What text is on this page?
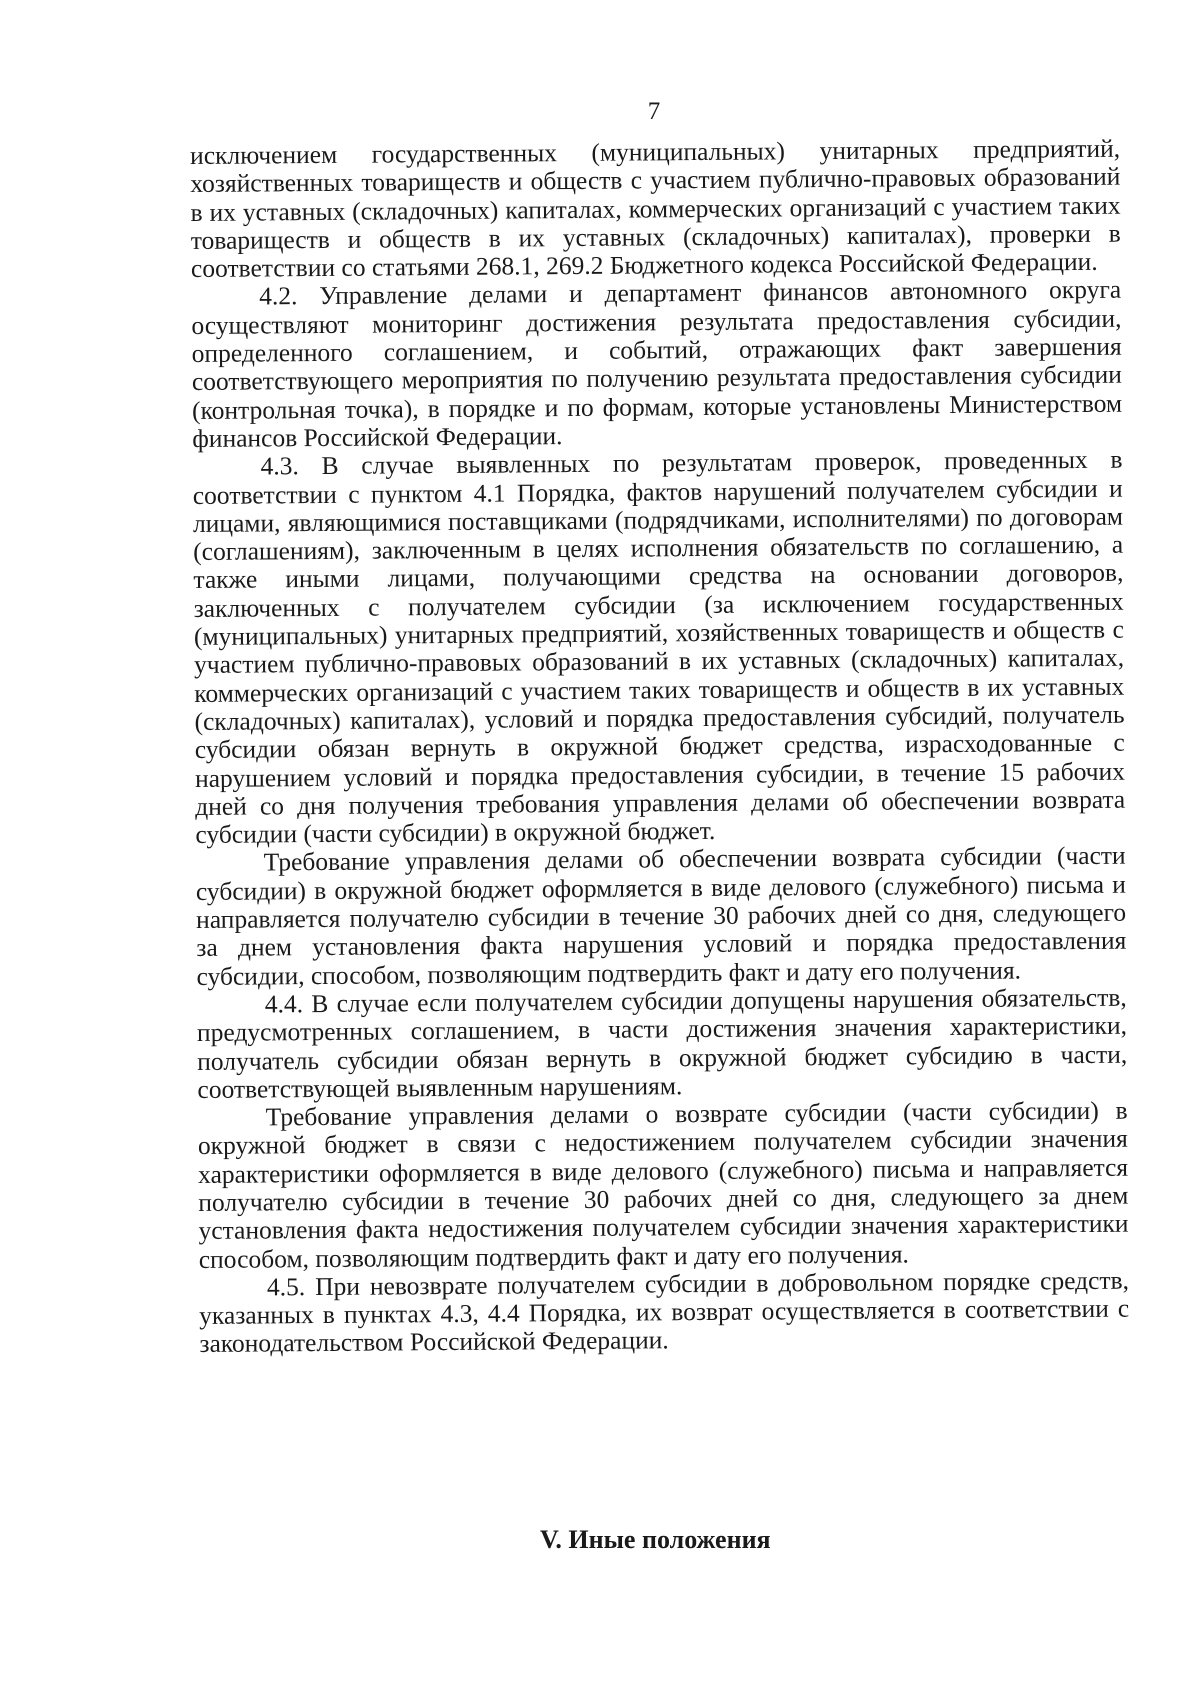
7

исключением государственных (муниципальных) унитарных предприятий, хозяйственных товариществ и обществ с участием публично-правовых образований в их уставных (складочных) капиталах, коммерческих организаций с участием таких товариществ и обществ в их уставных (складочных) капиталах), проверки в соответствии со статьями 268.1, 269.2 Бюджетного кодекса Российской Федерации.

4.2. Управление делами и департамент финансов автономного округа осуществляют мониторинг достижения результата предоставления субсидии, определенного соглашением, и событий, отражающих факт завершения соответствующего мероприятия по получению результата предоставления субсидии (контрольная точка), в порядке и по формам, которые установлены Министерством финансов Российской Федерации.

4.3. В случае выявленных по результатам проверок, проведенных в соответствии с пунктом 4.1 Порядка, фактов нарушений получателем субсидии и лицами, являющимися поставщиками (подрядчиками, исполнителями) по договорам (соглашениям), заключенным в целях исполнения обязательств по соглашению, а также иными лицами, получающими средства на основании договоров, заключенных с получателем субсидии (за исключением государственных (муниципальных) унитарных предприятий, хозяйственных товариществ и обществ с участием публично-правовых образований в их уставных (складочных) капиталах, коммерческих организаций с участием таких товариществ и обществ в их уставных (складочных) капиталах), условий и порядка предоставления субсидий, получатель субсидии обязан вернуть в окружной бюджет средства, израсходованные с нарушением условий и порядка предоставления субсидии, в течение 15 рабочих дней со дня получения требования управления делами об обеспечении возврата субсидии (части субсидии) в окружной бюджет.

Требование управления делами об обеспечении возврата субсидии (части субсидии) в окружной бюджет оформляется в виде делового (служебного) письма и направляется получателю субсидии в течение 30 рабочих дней со дня, следующего за днем установления факта нарушения условий и порядка предоставления субсидии, способом, позволяющим подтвердить факт и дату его получения.

4.4. В случае если получателем субсидии допущены нарушения обязательств, предусмотренных соглашением, в части достижения значения характеристики, получатель субсидии обязан вернуть в окружной бюджет субсидию в части, соответствующей выявленным нарушениям.

Требование управления делами о возврате субсидии (части субсидии) в окружной бюджет в связи с недостижением получателем субсидии значения характеристики оформляется в виде делового (служебного) письма и направляется получателю субсидии в течение 30 рабочих дней со дня, следующего за днем установления факта недостижения получателем субсидии значения характеристики способом, позволяющим подтвердить факт и дату его получения.

4.5. При невозврате получателем субсидии в добровольном порядке средств, указанных в пунктах 4.3, 4.4 Порядка, их возврат осуществляется в соответствии с законодательством Российской Федерации.

V. Иные положения
